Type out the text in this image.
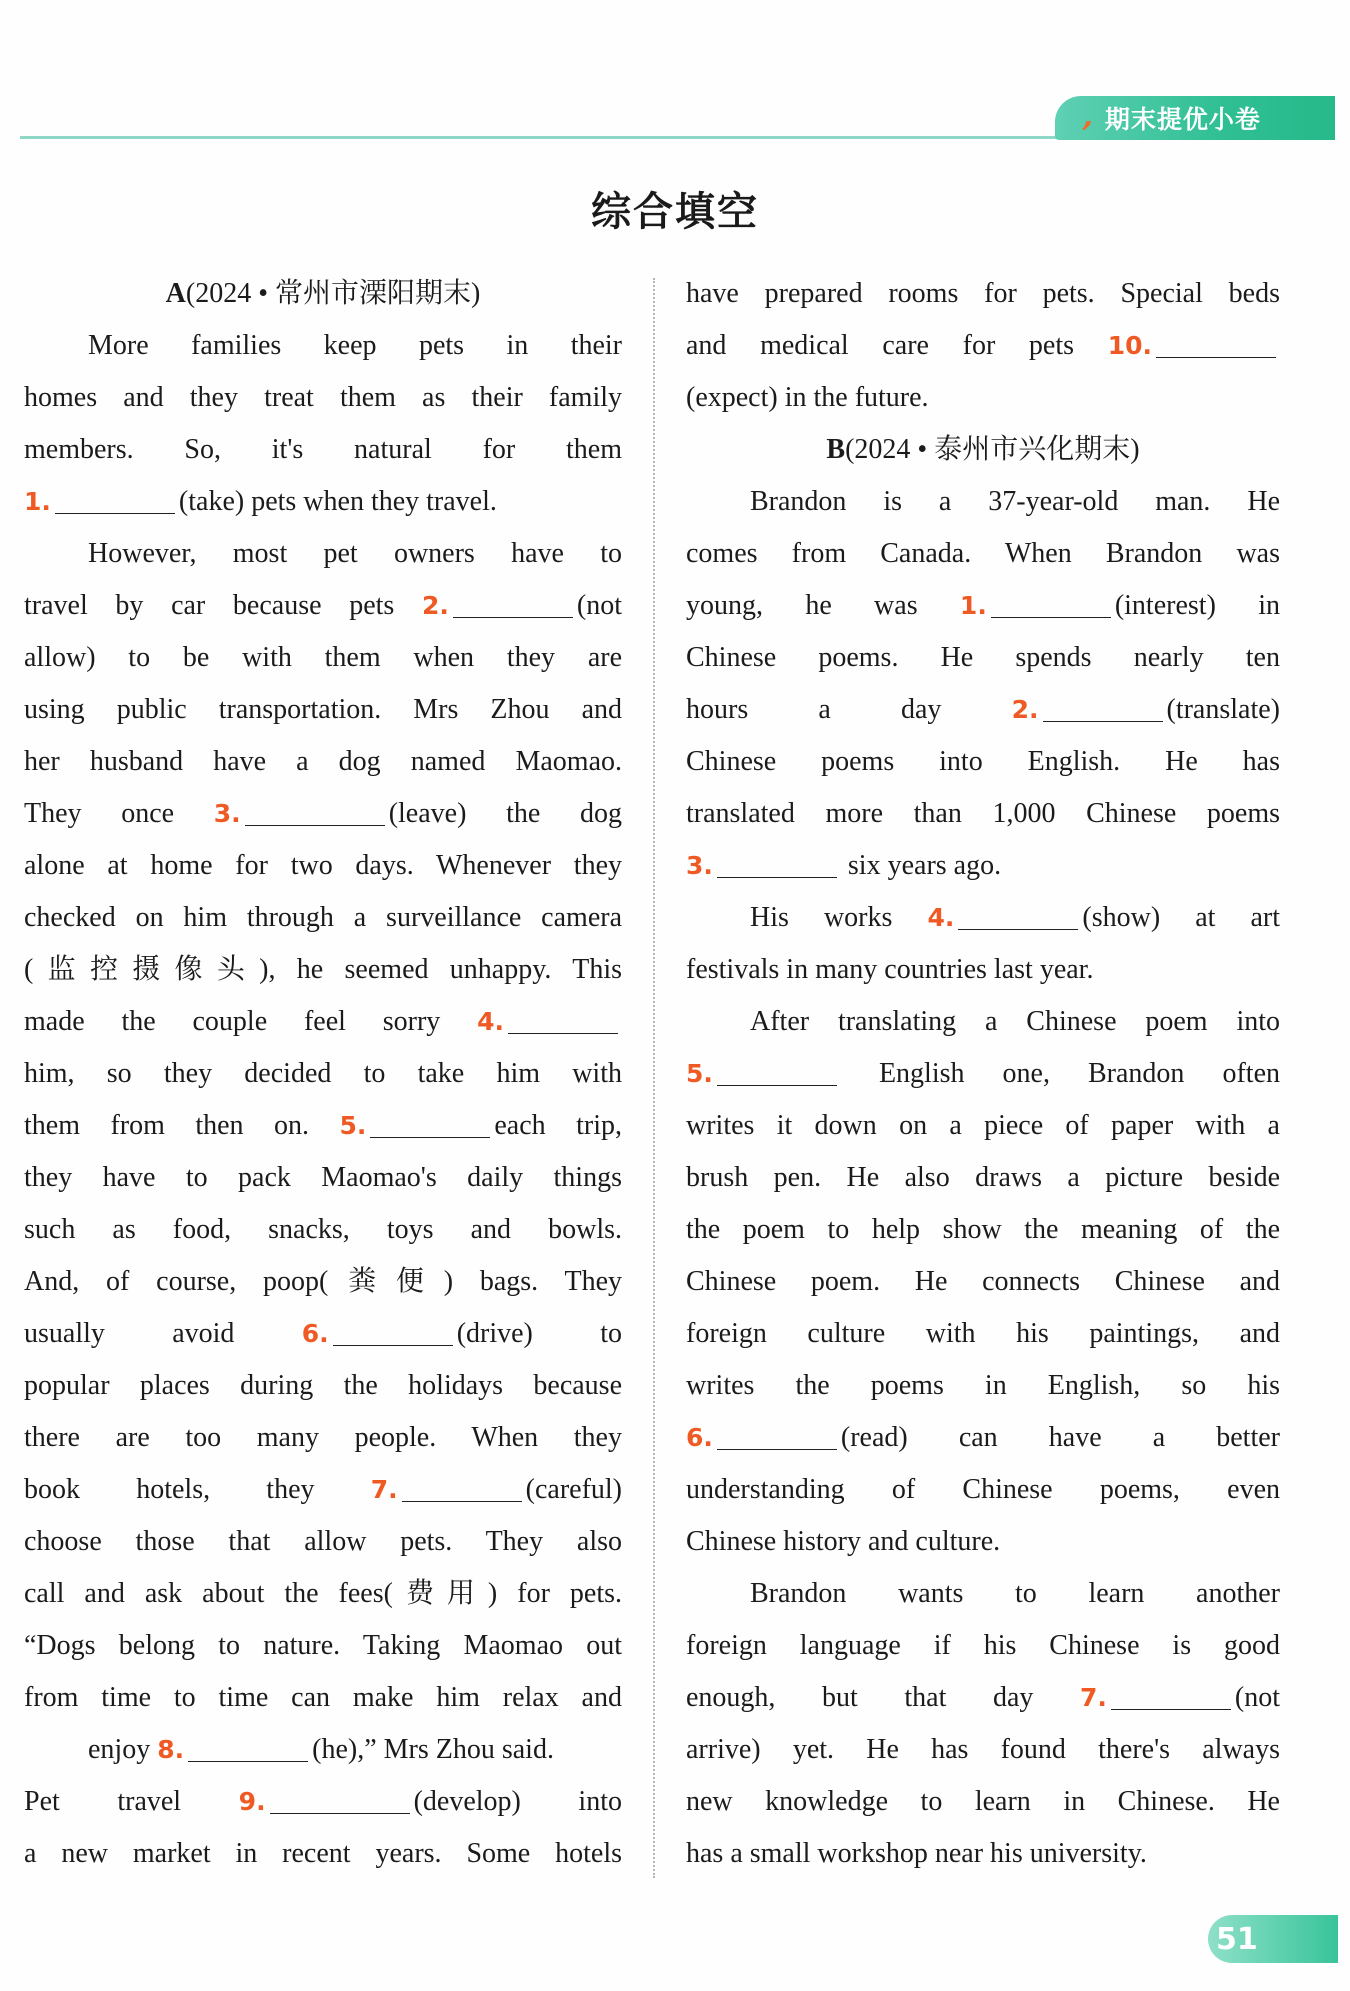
, 期末提优小卷
综合填空
A(2024 • 常州市溧阳期末)
More families keep pets in their
homes and they treat them as their family
members. So, it's natural for them
1.	(take) pets when they travel.
However, most pet owners have to
travel by car because pets 2.	(not
allow) to be with them when they are
using public transportation. Mrs Zhou and
her husband have a dog named Maomao.
They once 3.	(leave) the dog
alone at home for two days. Whenever they
checked on him through a surveillance camera
(监控摄像头), he seemed unhappy. This
made the couple feel sorry 4.
him, so they decided to take him with
them from then on. 5.	each trip,
they have to pack Maomao's daily things
such as food, snacks, toys and bowls.
And, of course, poop(粪便) bags. They
usually avoid 6.	(drive) to
popular places during the holidays because
there are too many people. When they
book hotels, they 7.	(careful)
choose those that allow pets. They also
call and ask about the fees(费用) for pets.
“Dogs belong to nature. Taking Maomao out
from time to time can make him relax and
enjoy 8.	(he),” Mrs Zhou said.
Pet travel 9.	(develop) into
a new market in recent years. Some hotels
have prepared rooms for pets. Special beds
and medical care for pets 10.
(expect) in the future.
B(2024 • 泰州市兴化期末)
Brandon is a 37-year-old man. He
comes from Canada. When Brandon was
young, he was 1.	(interest) in
Chinese poems. He spends nearly ten
hours a day 2.	(translate)
Chinese poems into English. He has
translated more than 1,000 Chinese poems
3.	six years ago.
His works 4.	(show) at art
festivals in many countries last year.
After translating a Chinese poem into
5.	English one, Brandon often
writes it down on a piece of paper with a
brush pen. He also draws a picture beside
the poem to help show the meaning of the
Chinese poem. He connects Chinese and
foreign culture with his paintings, and
writes the poems in English, so his
6.	(read) can have a better
understanding of Chinese poems, even
Chinese history and culture.
Brandon wants to learn another
foreign language if his Chinese is good
enough, but that day 7.	(not
arrive) yet. He has found there's always
new knowledge to learn in Chinese. He
has a small workshop near his university.
51
